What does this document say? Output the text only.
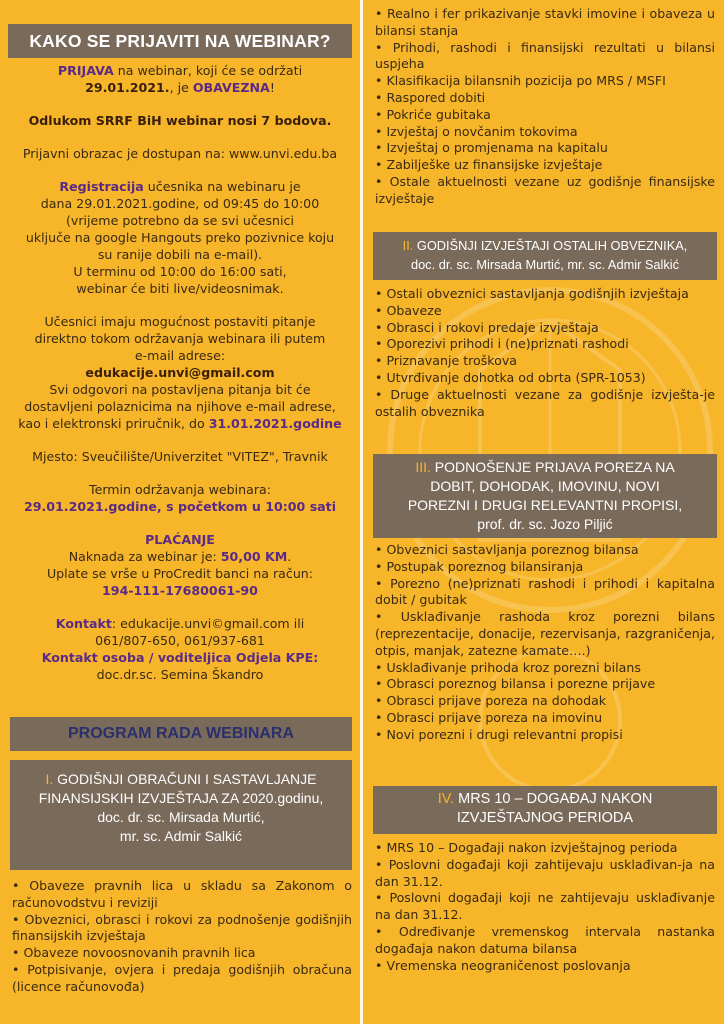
KAKO SE PRIJAVITI NA WEBINAR?

PRIJAVA na webinar, koji će se održati
29.01.2021., je OBAVEZNA!

Odlukom SRRF BiH webinar nosi 7 bodova.

Prijavni obrazac je dostupan na: www.unvi.edu.ba

Registracija učesnika na webinaru je
dana 29.01.2021.godine, od 09:45 do 10:00
(vrijeme potrebno da se svi učesnici
uključe na google Hangouts preko pozivnice koju
su ranije dobili na e-mail).
U terminu od 10:00 do 16:00 sati,
webinar će biti live/videosnimak.

Učesnici imaju mogućnost postaviti pitanje
direktno tokom održavanja webinara ili putem
e-mail adrese:
edukacije.unvi@gmail.com
Svi odgovori na postavljena pitanja bit će
dostavljeni polaznicima na njihove e-mail adrese,
kao i elektronski priručnik, do 31.01.2021.godine

Mjesto: Sveučilište/Univerzitet "VITEZ", Travnik

Termin održavanja webinara:
29.01.2021.godine, s početkom u 10:00 sati

PLAĆANJE
Naknada za webinar je: 50,00 KM.
Uplate se vrše u ProCredit banci na račun:
194-111-17680061-90

Kontakt: edukacije.unvi©gmail.com ili
061/807-650, 061/937-681
Kontakt osoba / voditeljica Odjela KPE:
doc.dr.sc. Semina Škandro

PROGRAM RADA WEBINARA
I. GODIŠNJI OBRAČUNI I SASTAVLJANJE
FINANSIJSKIH IZVJEŠTAJA ZA 2020.godinu,
doc. dr. sc. Mirsada Murtić,
mr. sc. Admir Salkić
• Obaveze pravnih lica u skladu sa Zakonom o računovodstvu i reviziji
• Obveznici, obrasci i rokovi za podnošenje godišnjih finansijskih izvještaja
• Obaveze novoosnovanih pravnih lica
• Potpisivanje, ovjera i predaja godišnjih obračuna (licence računovođa)
• Realno i fer prikazivanje stavki imovine i obaveza u bilansi stanja
• Prihodi, rashodi i finansijski rezultati u bilansi uspjeha
• Klasifikacija bilansnih pozicija po MRS / MSFI
• Raspored dobiti
• Pokriće gubitaka
• Izvještaj o novčanim tokovima
• Izvještaj o promjenama na kapitalu
• Zabilješke uz finansijske izvještaje
• Ostale aktuelnosti vezane uz godišnje finansijske izvještaje
II. GODIŠNJI IZVJEŠTAJI OSTALIH OBVEZNIKA,
doc. dr. sc. Mirsada Murtić, mr. sc. Admir Salkić
• Ostali obveznici sastavljanja godišnjih izvještaja
• Obaveze
• Obrasci i rokovi predaje izvještaja
• Oporezivi prihodi i (ne)priznati rashodi
• Priznavanje troškova
• Utvrđivanje dohotka od obrta (SPR-1053)
• Druge aktuelnosti vezane za godišnje izvješta-je ostalih obveznika
III. PODNOŠENJE PRIJAVA POREZA NA
DOBIT, DOHODAK, IMOVINU, NOVI
POREZNI I DRUGI RELEVANTNI PROPISI,
prof. dr. sc. Jozo Piljić
• Obveznici sastavljanja poreznog bilansa
• Postupak poreznog bilansiranja
• Porezno (ne)priznati rashodi i prihodi i kapitalna dobit / gubitak
• Usklađivanje rashoda kroz porezni bilans (reprezentacije, donacije, rezervisanja, razgraničenja, otpis, manjak, zatezne kamate….)
• Usklađivanje prihoda kroz porezni bilans
• Obrasci poreznog bilansa i porezne prijave
• Obrasci prijave poreza na dohodak
• Obrasci prijave poreza na imovinu
• Novi porezni i drugi relevantni propisi
IV. MRS 10 – DOGAĐAJ NAKON
IZVJEŠTAJNOG PERIODA
• MRS 10 – Događaji nakon izvještajnog perioda
• Poslovni događaji koji zahtijevaju usklađivan-ja na dan 31.12.
• Poslovni događaji koji ne zahtijevaju usklađivanje na dan 31.12.
• Određivanje vremenskog intervala nastanka događaja nakon datuma bilansa
• Vremenska neograničenost poslovanja
